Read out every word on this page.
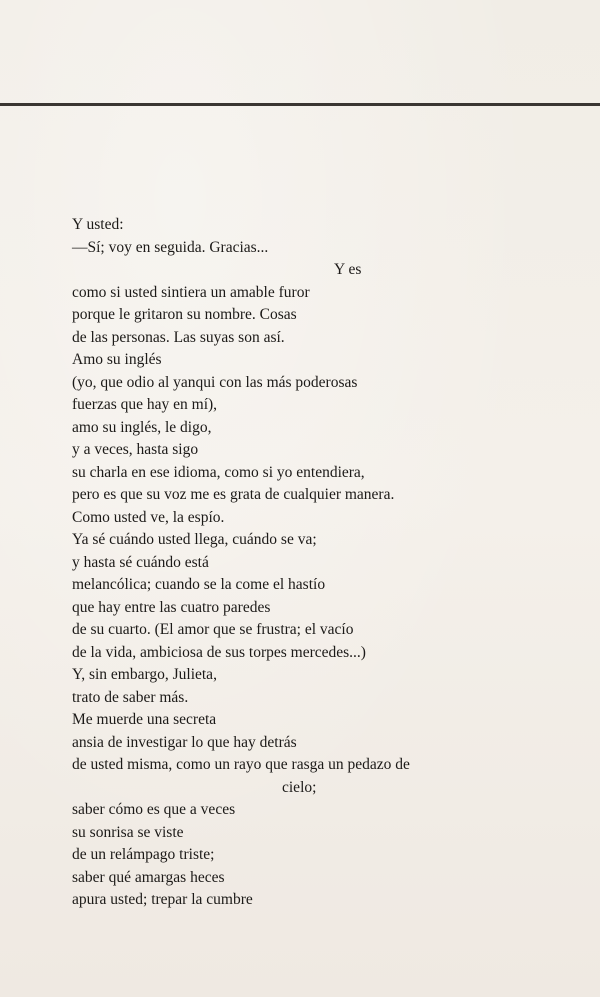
Y usted:
—Sí; voy en seguida. Gracias...
Y es
como si usted sintiera un amable furor
porque le gritaron su nombre. Cosas
de las personas. Las suyas son así.
Amo su inglés
(yo, que odio al yanqui con las más poderosas
fuerzas que hay en mí),
amo su inglés, le digo,
y a veces, hasta sigo
su charla en ese idioma, como si yo entendiera,
pero es que su voz me es grata de cualquier manera.
Como usted ve, la espío.
Ya sé cuándo usted llega, cuándo se va;
y hasta sé cuándo está
melancólica; cuando se la come el hastío
que hay entre las cuatro paredes
de su cuarto. (El amor que se frustra; el vacío
de la vida, ambiciosa de sus torpes mercedes...)
Y, sin embargo, Julieta,
trato de saber más.
Me muerde una secreta
ansia de investigar lo que hay detrás
de usted misma, como un rayo que rasga un pedazo de
cielo;
saber cómo es que a veces
su sonrisa se viste
de un relámpago triste;
saber qué amargas heces
apura usted; trepar la cumbre
